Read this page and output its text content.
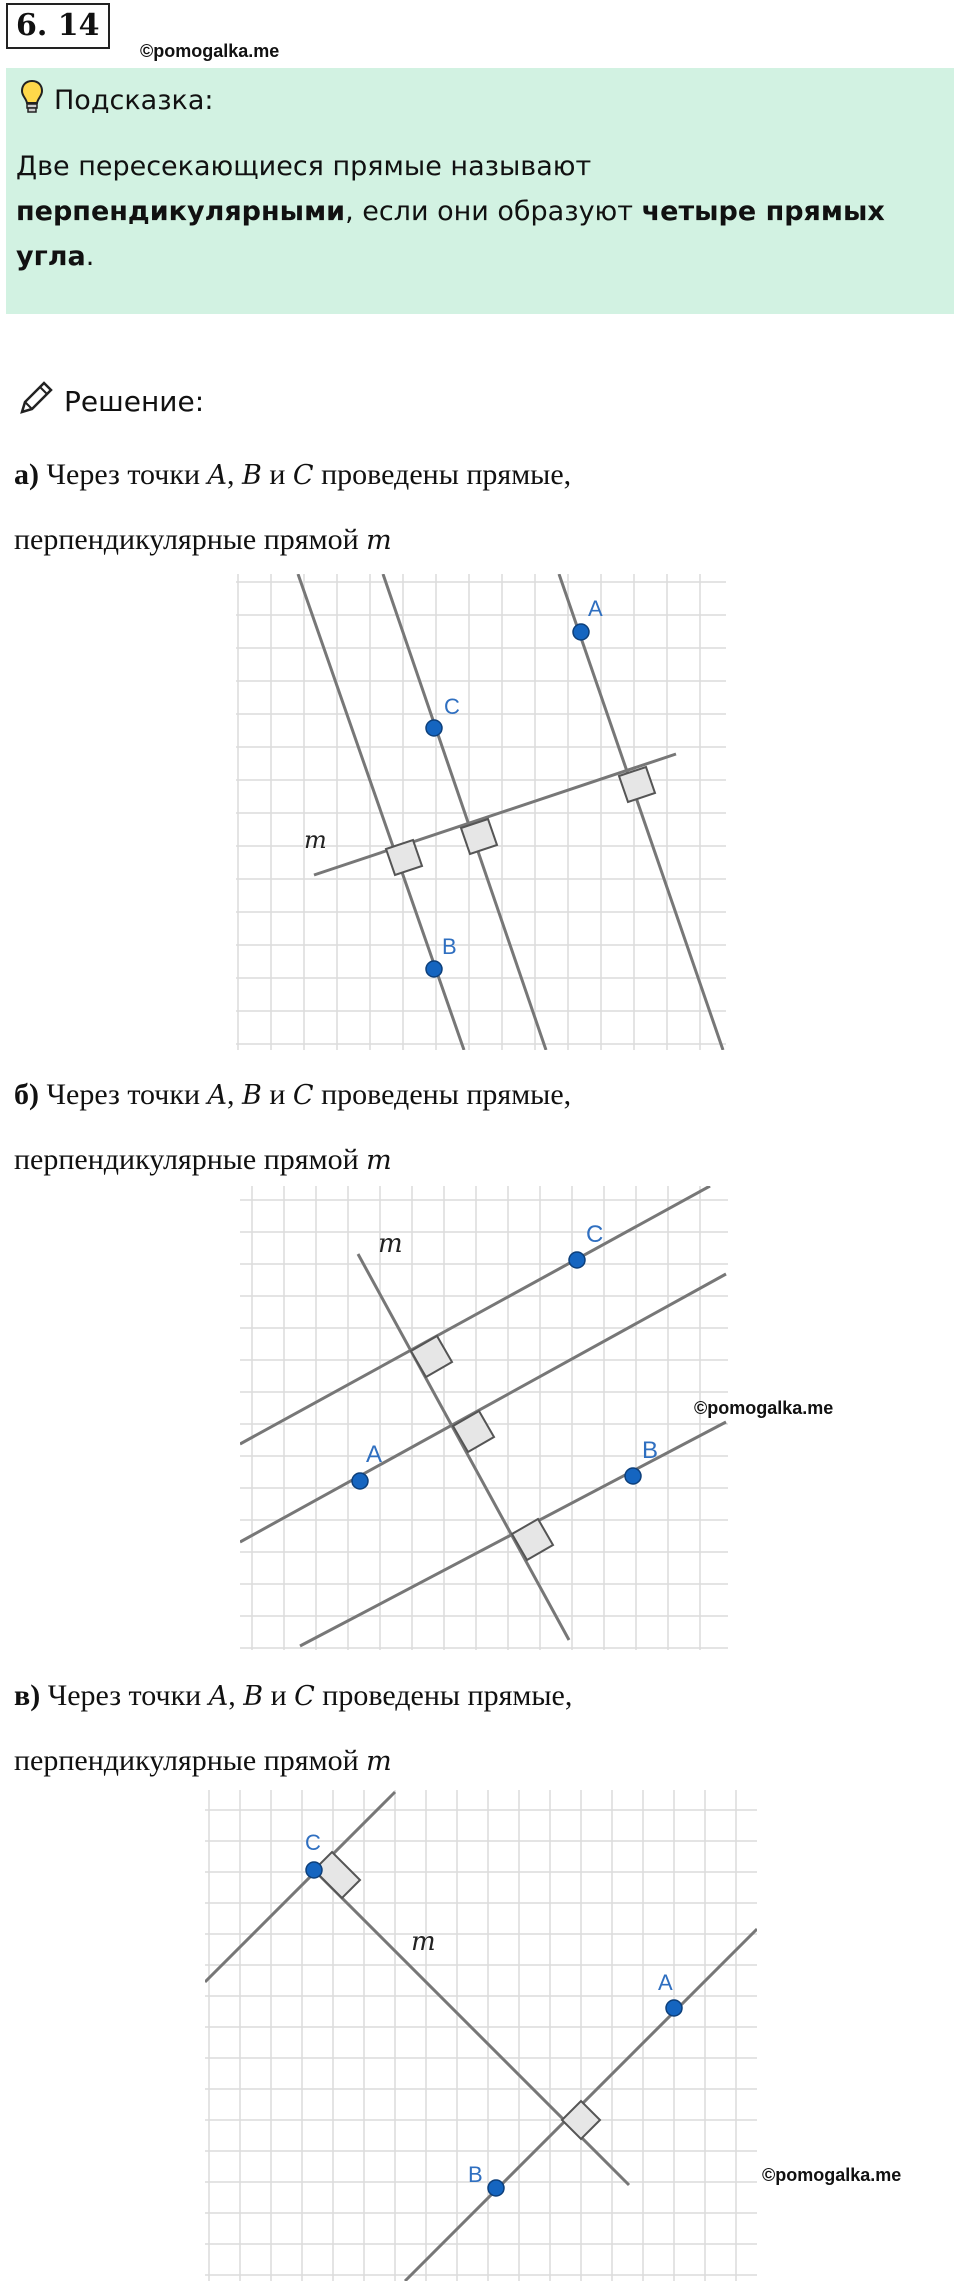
6. 14
©pomogalka.me
Подсказка:
Две пересекающиеся прямые называют
перпендикулярными, если они образуют четыре прямых угла.
Решение:
а) Через точки A, B и C проведены прямые,
перпендикулярные прямой m
A
C
B
m
б) Через точки A, B и C проведены прямые,
перпендикулярные прямой m
C
A	B
m
©pomogalka.me
в) Через точки A, B и C проведены прямые,
перпендикулярные прямой m
C
A
B
m
©pomogalka.me
